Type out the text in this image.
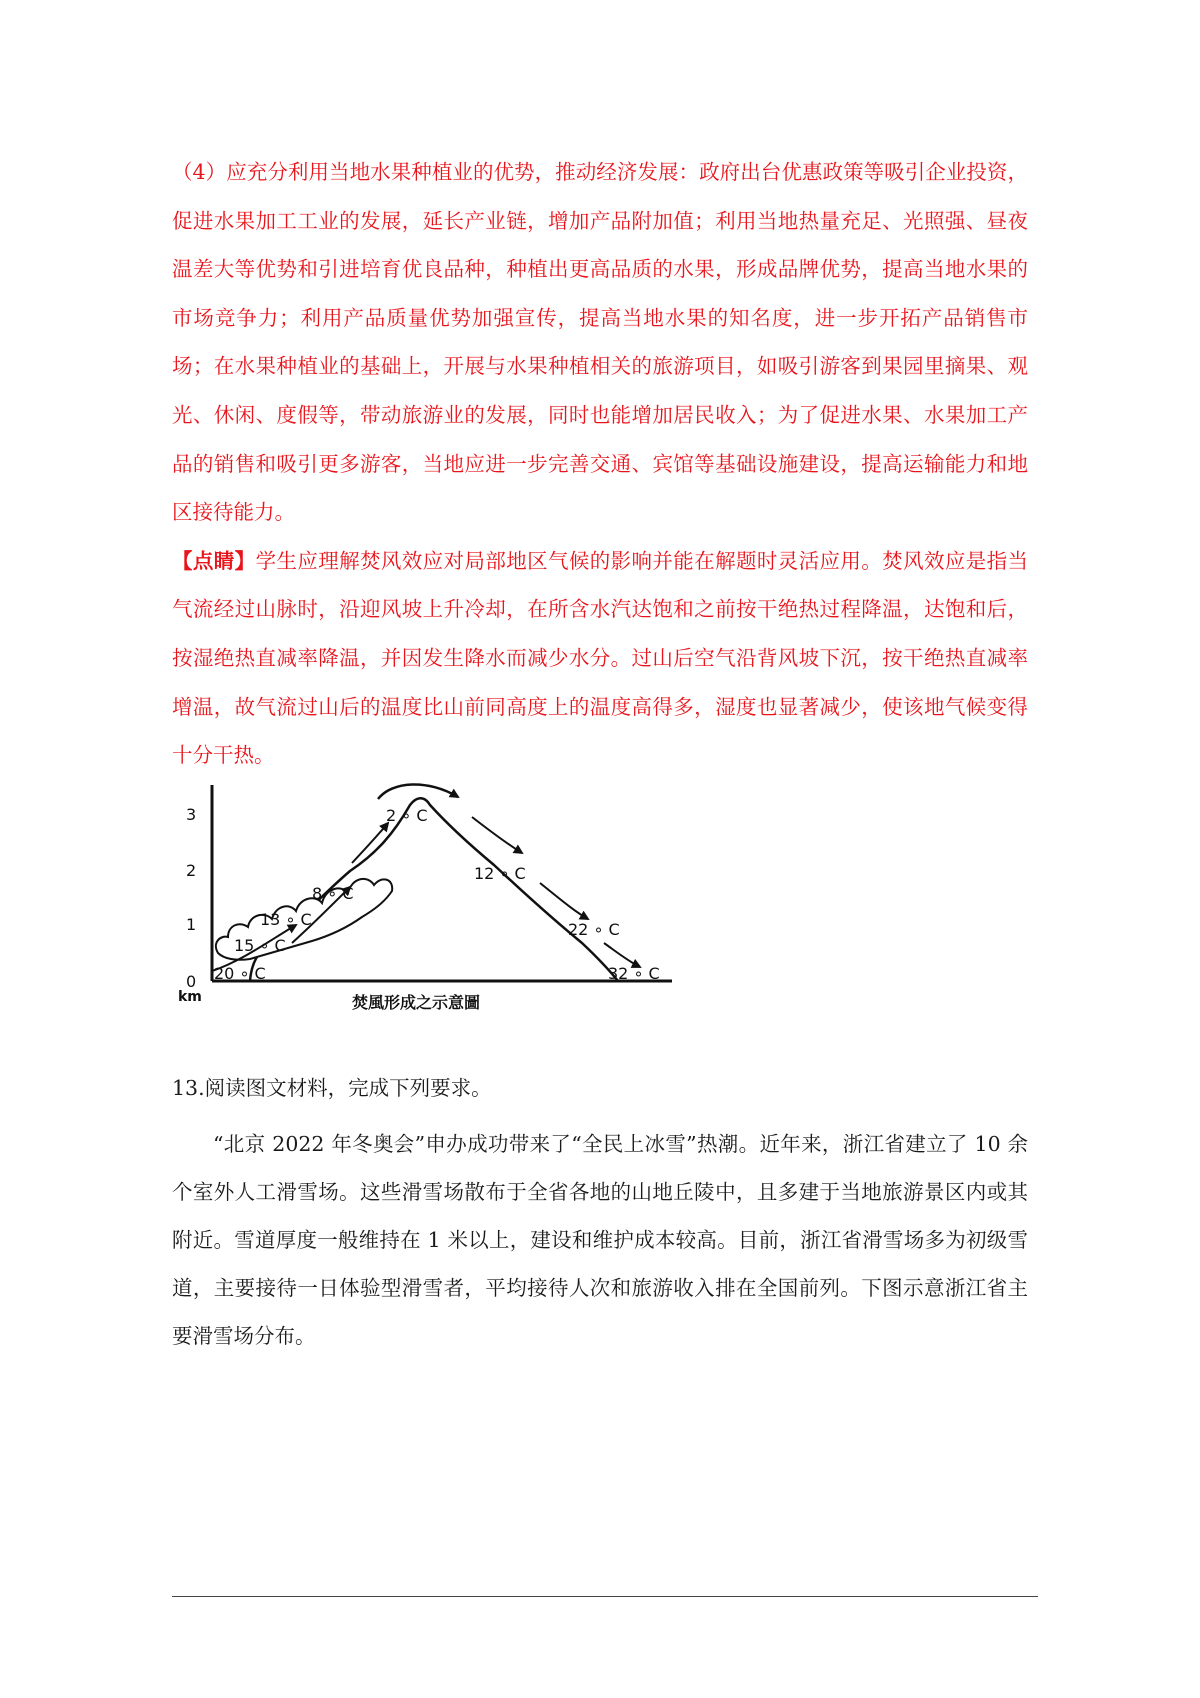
（4）应充分利用当地水果种植业的优势，推动经济发展：政府出台优惠政策等吸引企业投资，促进水果加工工业的发展，延长产业链，增加产品附加值；利用当地热量充足、光照强、昼夜温差大等优势和引进培育优良品种，种植出更高品质的水果，形成品牌优势，提高当地水果的市场竞争力；利用产品质量优势加强宣传，提高当地水果的知名度，进一步开拓产品销售市场；在水果种植业的基础上，开展与水果种植相关的旅游项目，如吸引游客到果园里摘果、观光、休闲、度假等，带动旅游业的发展，同时也能增加居民收入；为了促进水果、水果加工产品的销售和吸引更多游客，当地应进一步完善交通、宾馆等基础设施建设，提高运输能力和地区接待能力。

【点睛】学生应理解焚风效应对局部地区气候的影响并能在解题时灵活应用。焚风效应是指当气流经过山脉时，沿迎风坡上升冷却，在所含水汽达饱和之前按干绝热过程降温，达饱和后，按湿绝热直减率降温，并因发生降水而减少水分。过山后空气沿背风坡下沉，按干绝热直减率增温，故气流过山后的温度比山前同高度上的温度高得多，湿度也显著减少，使该地气候变得十分干热。

0
1
2
3
km
20 ∘ C
15 ∘ C
13 ∘ C
8 ∘ C
2 ∘ C
12 ∘ C
22 ∘ C
32 ∘ C
焚風形成之示意圖

13.阅读图文材料，完成下列要求。

“北京 2022 年冬奥会”申办成功带来了“全民上冰雪”热潮。近年来，浙江省建立了 10 余个室外人工滑雪场。这些滑雪场散布于全省各地的山地丘陵中，且多建于当地旅游景区内或其附近。雪道厚度一般维持在 1 米以上，建设和维护成本较高。目前，浙江省滑雪场多为初级雪道，主要接待一日体验型滑雪者，平均接待人次和旅游收入排在全国前列。下图示意浙江省主要滑雪场分布。
